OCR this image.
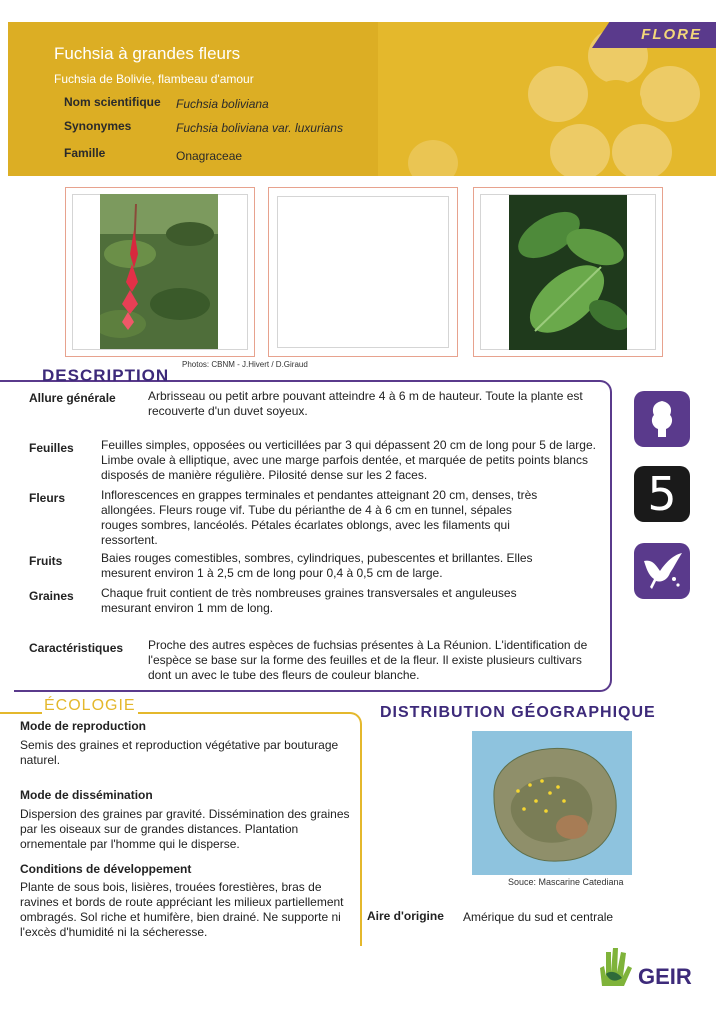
FLORE
Fuchsia à grandes fleurs
Fuchsia de Bolivie, flambeau d'amour
Nom scientifique Fuchsia boliviana
Synonymes	Fuchsia boliviana var. luxurians
Famille	Onagraceae
Photos: CBNM - J.Hivert / D.Giraud
DESCRIPTION
Allure générale	Arbrisseau ou petit arbre pouvant atteindre 4 à 6 m de hauteur. Toute la plante est recouverte d'un duvet soyeux.
Feuilles Feuilles simples, opposées ou verticillées par 3 qui dépassent 20 cm de long pour 5 de large. Limbe ovale à elliptique, avec une marge parfois dentée, et marquée de petits points blancs disposés de manière régulière. Pilosité dense sur les 2 faces.
Fleurs	Inflorescences en grappes terminales et pendantes atteignant 20 cm, denses, très allongées. Fleurs rouge vif. Tube du périanthe de 4 à 6 cm en tunnel, sépales rouges sombres, lancéolés. Pétales écarlates oblongs, avec les filaments qui ressortent.
Fruits	Baies rouges comestibles, sombres, cylindriques, pubescentes et brillantes. Elles mesurent environ 1 à 2,5 cm de long pour 0,4 à 0,5 cm de large.
Graines Chaque fruit contient de très nombreuses graines transversales et anguleuses mesurant environ 1 mm de long.
Caractéristiques Proche des autres espèces de fuchsias présentes à La Réunion. L'identification de l'espèce se base sur la forme des feuilles et de la fleur. Il existe plusieurs cultivars dont un avec le tube des fleurs de couleur blanche.
5
ÉCOLOGIE
Mode de reproduction
Semis des graines et reproduction végétative par bouturage naturel.
Mode de dissémination
Dispersion des graines par gravité. Dissémination des graines par les oiseaux sur de grandes distances. Plantation ornementale par l'homme qui le disperse.
Conditions de développement
Plante de sous bois, lisières, trouées forestières, bras de ravines et bords de route appréciant les milieux partiellement ombragés. Sol riche et humifère, bien drainé. Ne supporte ni l'excès d'humidité ni la sécheresse.
DISTRIBUTION GÉOGRAPHIQUE
Souce: Mascarine Catediana
Aire d'origine Amérique du sud et centrale
GEIR
